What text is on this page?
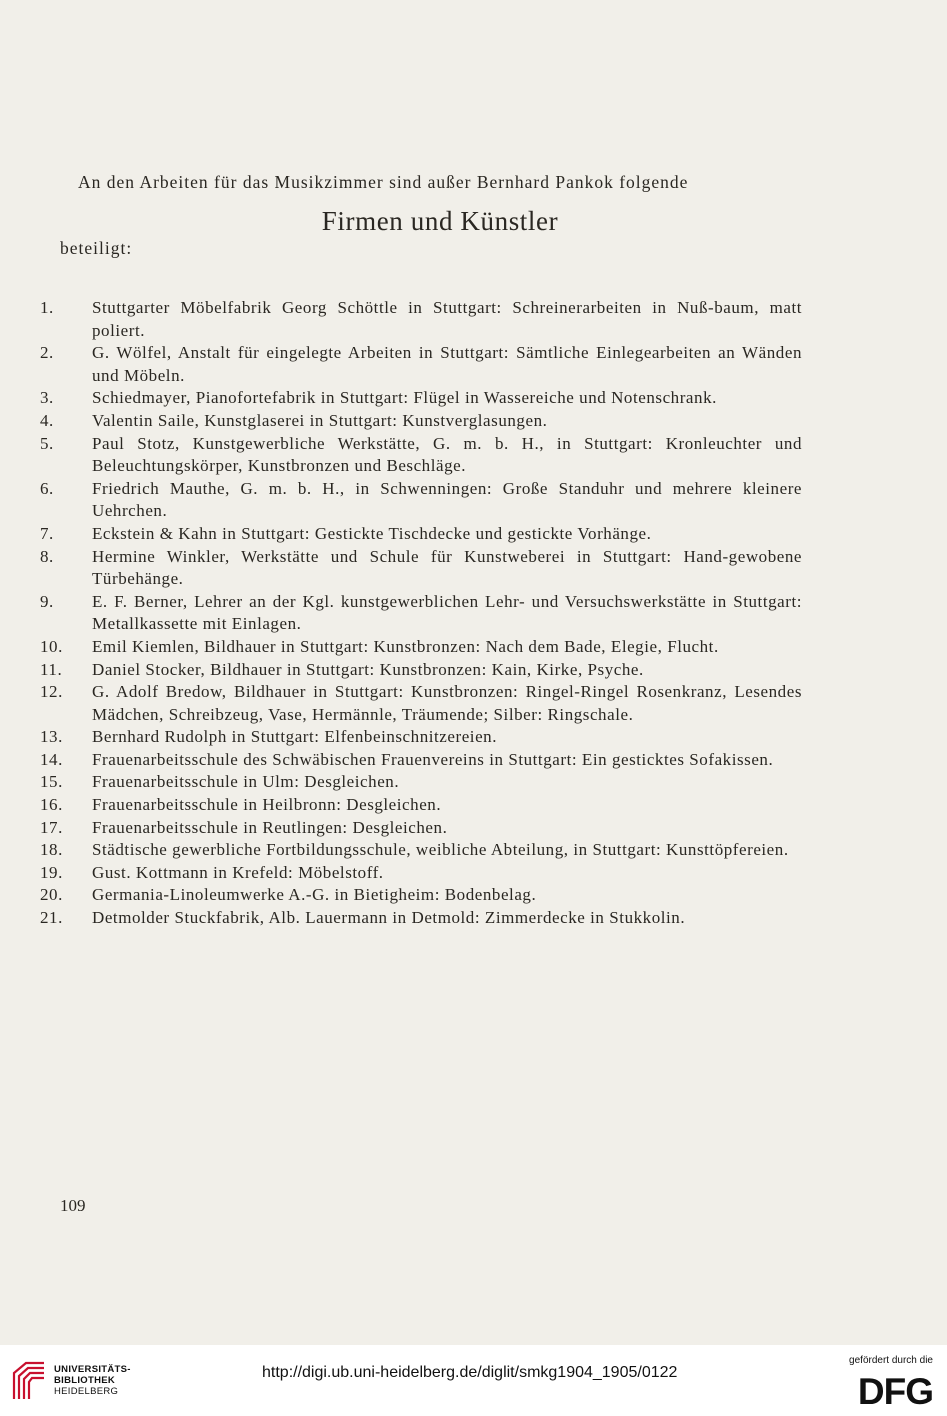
An den Arbeiten für das Musikzimmer sind außer Bernhard Pankok folgende
Firmen und Künstler
beteiligt:
1.	Stuttgarter Möbelfabrik Georg Schöttle in Stuttgart: Schreinerarbeiten in Nuß-baum, matt poliert.
2.	G. Wölfel, Anstalt für eingelegte Arbeiten in Stuttgart: Sämtliche Einlegearbeiten an Wänden und Möbeln.
3.	Schiedmayer, Pianofortefabrik in Stuttgart: Flügel in Wassereiche und Notenschrank.
4.	Valentin Saile, Kunstglaserei in Stuttgart: Kunstverglasungen.
5.	Paul Stotz, Kunstgewerbliche Werkstätte, G. m. b. H., in Stuttgart: Kronleuchter und Beleuchtungskörper, Kunstbronzen und Beschläge.
6.	Friedrich Mauthe, G. m. b. H., in Schwenningen: Große Standuhr und mehrere kleinere Uehrchen.
7.	Eckstein & Kahn in Stuttgart: Gestickte Tischdecke und gestickte Vorhänge.
8.	Hermine Winkler, Werkstätte und Schule für Kunstweberei in Stuttgart: Hand-gewobene Türbehänge.
9.	E. F. Berner, Lehrer an der Kgl. kunstgewerblichen Lehr- und Versuchswerkstätte in Stuttgart: Metallkassette mit Einlagen.
10.	Emil Kiemlen, Bildhauer in Stuttgart: Kunstbronzen: Nach dem Bade, Elegie, Flucht.
11.	Daniel Stocker, Bildhauer in Stuttgart: Kunstbronzen: Kain, Kirke, Psyche.
12.	G. Adolf Bredow, Bildhauer in Stuttgart: Kunstbronzen: Ringel-Ringel Rosenkranz, Lesendes Mädchen, Schreibzeug, Vase, Hermännle, Träumende; Silber: Ringschale.
13.	Bernhard Rudolph in Stuttgart: Elfenbeinschnitzereien.
14.	Frauenarbeitsschule des Schwäbischen Frauenvereins in Stuttgart: Ein gesticktes Sofakissen.
15.	Frauenarbeitsschule in Ulm: Desgleichen.
16.	Frauenarbeitsschule in Heilbronn: Desgleichen.
17.	Frauenarbeitsschule in Reutlingen: Desgleichen.
18.	Städtische gewerbliche Fortbildungsschule, weibliche Abteilung, in Stuttgart: Kunsttöpfereien.
19.	Gust. Kottmann in Krefeld: Möbelstoff.
20.	Germania-Linoleumwerke A.-G. in Bietigheim: Bodenbelag.
21.	Detmolder Stuckfabrik, Alb. Lauermann in Detmold: Zimmerdecke in Stukkolin.
109
UNIVERSITÄTS-
BIBLIOTHEK
HEIDELBERG
http://digi.ub.uni-heidelberg.de/diglit/smkg1904_1905/0122
gefördert durch die
DFG
